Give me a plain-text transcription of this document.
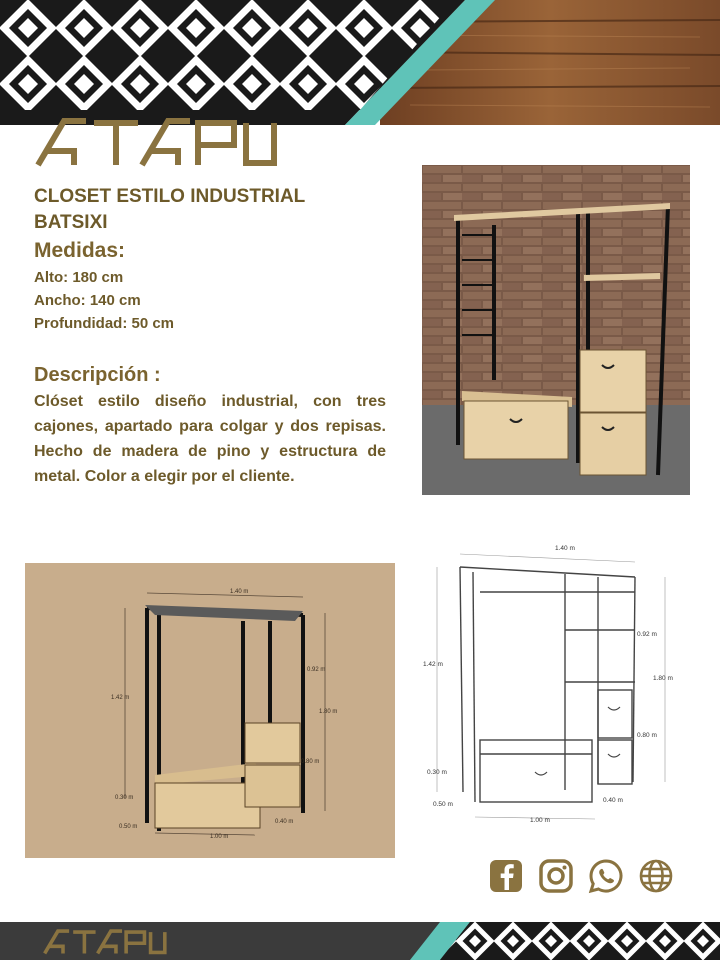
CLOSET ESTILO INDUSTRIAL

BATSIXI

Medidas:

Alto: 180 cm

Ancho: 140 cm

Profundidad: 50 cm

Descripción :

Clóset estilo diseño industrial, con tres cajones, apartado para colgar y dos repisas. Hecho de madera de pino y estructura de metal. Color a elegir por el cliente.

1.40 m
1.42 m
0.92 m
1.80 m
0.80 m
0.30 m
0.50 m
1.00 m
0.40 m
1.40 m
1.42 m
0.92 m
1.80 m
0.80 m
0.30 m
0.50 m
1.00 m
0.40 m
